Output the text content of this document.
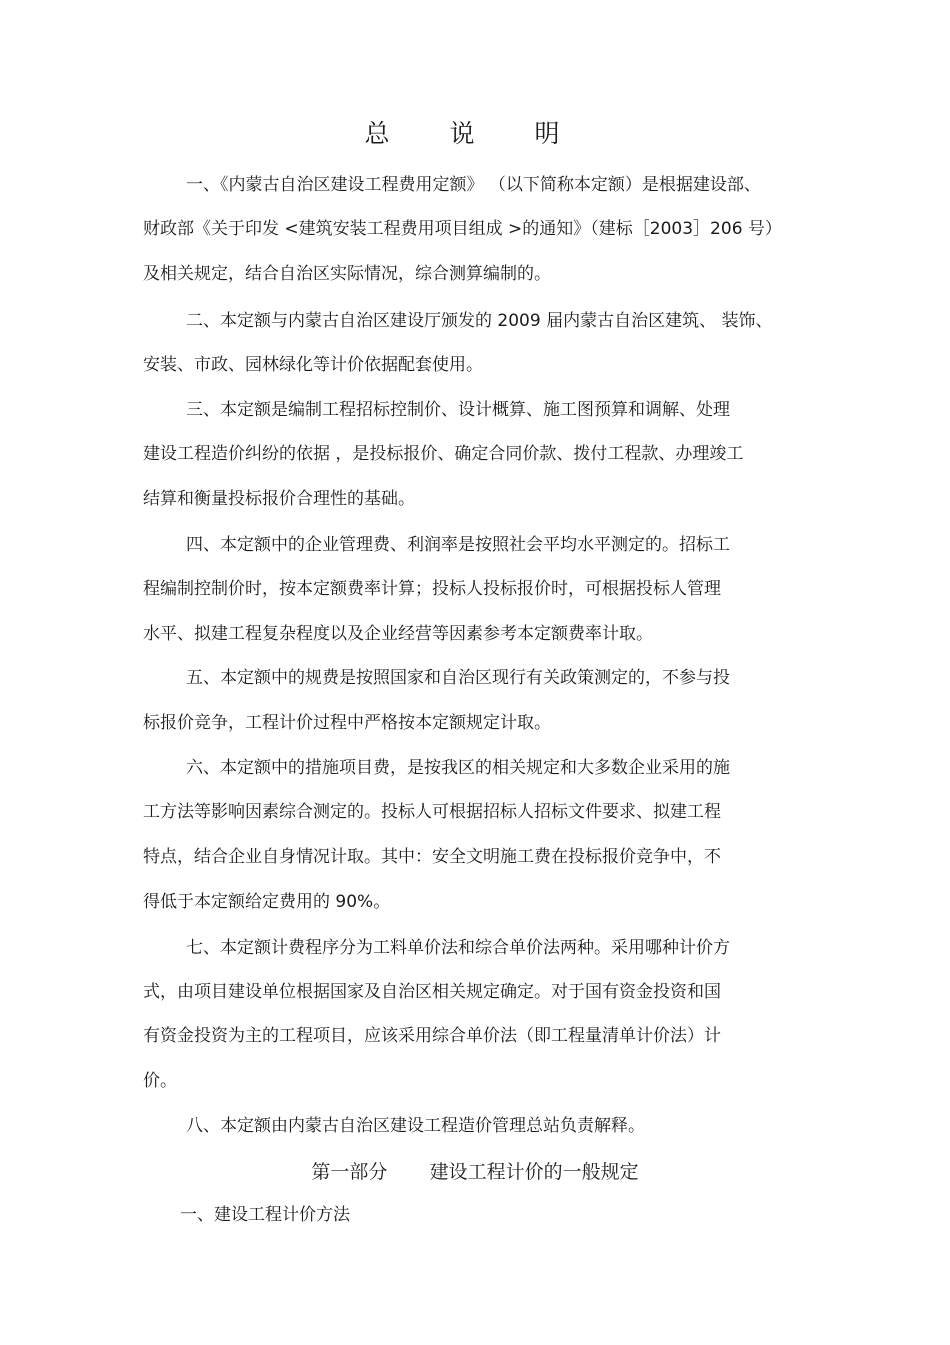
总 说 明
一、《内蒙古自治区建设工程费用定额》 （以下简称本定额）是根据建设部、
财政部《关于印发 <建筑安装工程费用项目组成 >的通知》（建标［2003］206 号）
及相关规定，结合自治区实际情况，综合测算编制的。
二、本定额与内蒙古自治区建设厅颁发的 2009 届内蒙古自治区建筑、 装饰、
安装、市政、园林绿化等计价依据配套使用。
三、本定额是编制工程招标控制价、设计概算、施工图预算和调解、处理
建设工程造价纠纷的依据 ，是投标报价、确定合同价款、拨付工程款、办理竣工
结算和衡量投标报价合理性的基础。
四、本定额中的企业管理费、利润率是按照社会平均水平测定的。招标工
程编制控制价时，按本定额费率计算；投标人投标报价时，可根据投标人管理
水平、拟建工程复杂程度以及企业经营等因素参考本定额费率计取。
五、本定额中的规费是按照国家和自治区现行有关政策测定的，不参与投
标报价竞争，工程计价过程中严格按本定额规定计取。
六、本定额中的措施项目费，是按我区的相关规定和大多数企业采用的施
工方法等影响因素综合测定的。投标人可根据招标人招标文件要求、拟建工程
特点，结合企业自身情况计取。其中：安全文明施工费在投标报价竞争中，不
得低于本定额给定费用的 90%。
七、本定额计费程序分为工料单价法和综合单价法两种。采用哪种计价方
式，由项目建设单位根据国家及自治区相关规定确定。对于国有资金投资和国
有资金投资为主的工程项目，应该采用综合单价法（即工程量清单计价法）计
价。
八、本定额由内蒙古自治区建设工程造价管理总站负责解释。
第一部分       建设工程计价的一般规定
一、建设工程计价方法
